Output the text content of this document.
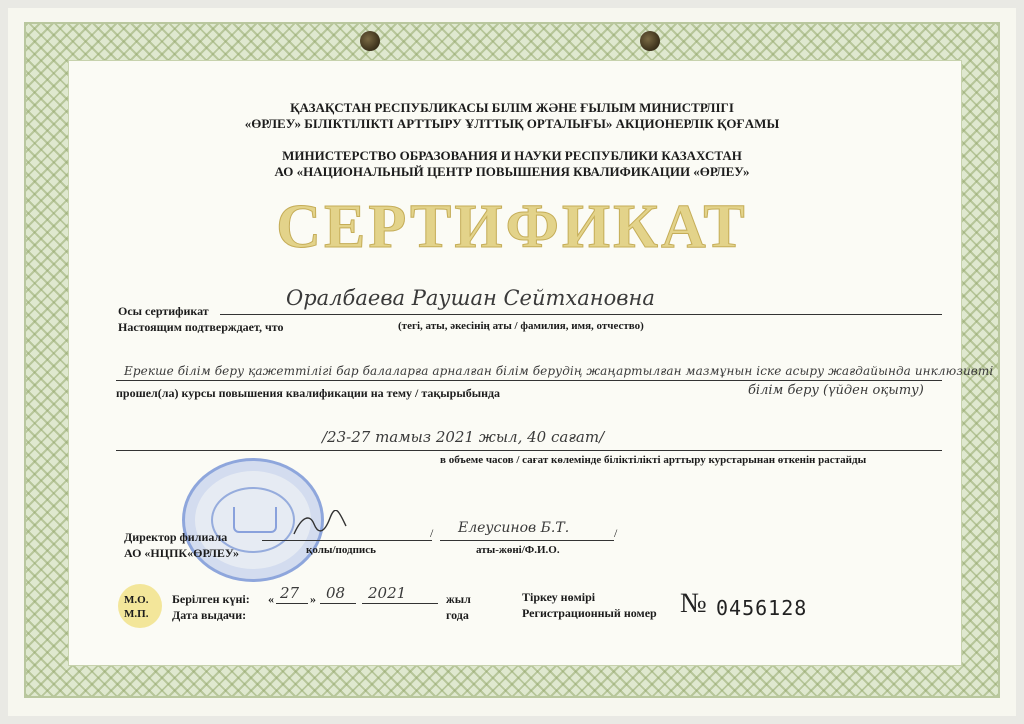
ҚАЗАҚСТАН РЕСПУБЛИКАСЫ БІЛІМ ЖӘНЕ ҒЫЛЫМ МИНИСТРЛІГІ
«ӨРЛЕУ» БІЛІКТІЛІКТІ АРТТЫРУ ҰЛТТЫҚ ОРТАЛЫҒЫ» АКЦИОНЕРЛІК ҚОҒАМЫ
МИНИСТЕРСТВО ОБРАЗОВАНИЯ И НАУКИ РЕСПУБЛИКИ КАЗАХСТАН
АО «НАЦИОНАЛЬНЫЙ ЦЕНТР ПОВЫШЕНИЯ КВАЛИФИКАЦИИ «ӨРЛЕУ»
СЕРТИФИКАТ
Осы сертификат
Настоящим подтверждает, что
Оралбаева Раушан Сейтхановна
(тегі, аты, әкесінің аты / фамилия, имя, отчество)
Ерекше білім беру қажеттілігі бар балаларға арналған білім берудің жаңартылған мазмұнын іске асыру жағдайында инклюзивті
прошел(ла) курсы повышения квалификации на тему / тақырыбында	білім беру (үйден оқыту)
/23-27 тамыз 2021 жыл, 40 сағат/
в объеме часов / сағат көлемінде біліктілікті арттыру курстарынан өткенін растайды
Директор филиала
АО «НЦПК«ӨРЛЕУ»
/ Елеусинов Б.Т.	/
қолы/подпись	аты-жөні/Ф.И.О.
М.О.
М.П.
Берілген күні:
Дата выдачи:
« 27 » 08 2021	жыл
года
Тіркеу нөмірі
Регистрационный номер № 0456128
